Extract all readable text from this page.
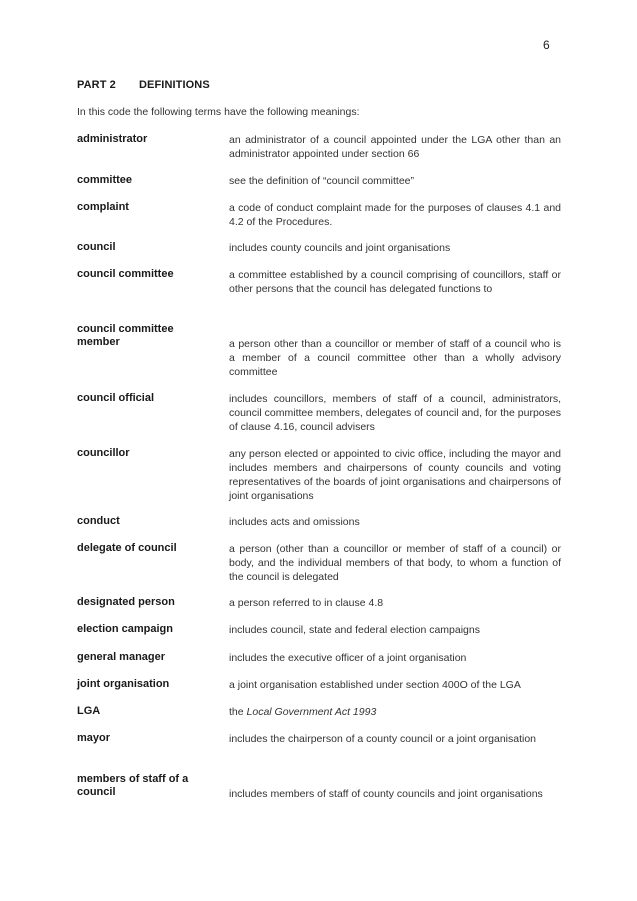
6
PART 2 DEFINITIONS
In this code the following terms have the following meanings:
administrator	an administrator of a council appointed under the LGA other than an administrator appointed under section 66
committee	see the definition of “council committee”
complaint	a code of conduct complaint made for the purposes of clauses 4.1 and 4.2 of the Procedures.
council	includes county councils and joint organisations
council committee	a committee established by a council comprising of councillors, staff or other persons that the council has delegated functions to
council committee member	a person other than a councillor or member of staff of a council who is a member of a council committee other than a wholly advisory committee
council official	includes councillors, members of staff of a council, administrators, council committee members, delegates of council and, for the purposes of clause 4.16, council advisers
councillor	any person elected or appointed to civic office, including the mayor and includes members and chairpersons of county councils and voting representatives of the boards of joint organisations and chairpersons of joint organisations
conduct	includes acts and omissions
delegate of council	a person (other than a councillor or member of staff of a council) or body, and the individual members of that body, to whom a function of the council is delegated
designated person	a person referred to in clause 4.8
election campaign	includes council, state and federal election campaigns
general manager	includes the executive officer of a joint organisation
joint organisation	a joint organisation established under section 400O of the LGA
LGA	the Local Government Act 1993
mayor	includes the chairperson of a county council or a joint organisation
members of staff of a council	includes members of staff of county councils and joint organisations
